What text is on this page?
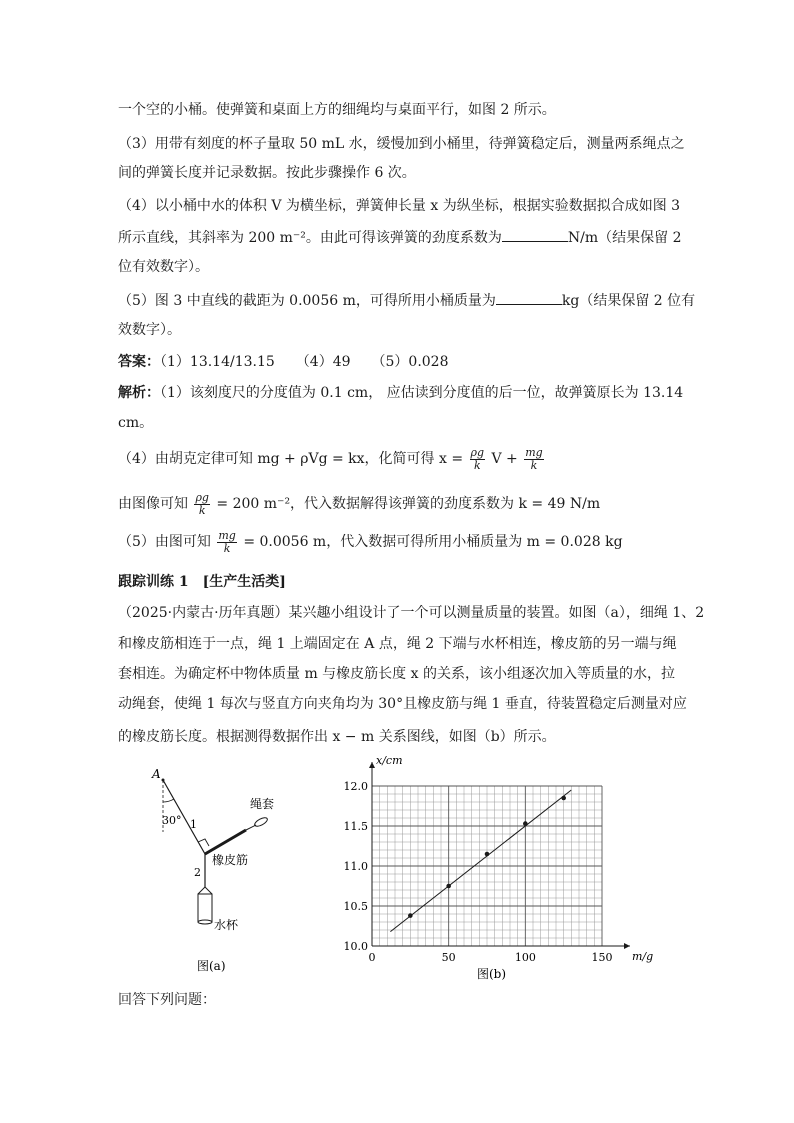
一个空的小桶。使弹簧和桌面上方的细绳均与桌面平行，如图 2 所示。
（3）用带有刻度的杯子量取 50 mL 水，缓慢加到小桶里，待弹簧稳定后，测量两系绳点之
间的弹簧长度并记录数据。按此步骤操作 6 次。
（4）以小桶中水的体积 V 为横坐标，弹簧伸长量 x 为纵坐标，根据实验数据拟合成如图 3
所示直线，其斜率为 200 m⁻²。由此可得该弹簧的劲度系数为	N/m（结果保留 2
位有效数字）。
（5）图 3 中直线的截距为 0.0056 m，可得所用小桶质量为	kg（结果保留 2 位有
效数字）。
答案：（1）13.14/13.15　　（4）49　　（5）0.028
解析：（1）该刻度尺的分度值为 0.1 cm， 应估读到分度值的后一位，故弹簧原长为 13.14
cm。
（4）由胡克定律可知 mg + ρVg = kx，化简可得 $x = \frac{\rho g}{k}$ $V + \frac{mg}{k}$
由图像可知 $\frac{\rho g}{k} = 200$ m⁻²，代入数据解得该弹簧的劲度系数为 k = 49 N/m
（5）由图可知 $\frac{mg}{k} = 0.0056$ m，代入数据可得所用小桶质量为 m = 0.028 kg
跟踪训练 1　[生产生活类]
（2025·内蒙古·历年真题）某兴趣小组设计了一个可以测量质量的装置。如图（a），细绳 1、2
和橡皮筋相连于一点，绳 1 上端固定在 A 点，绳 2 下端与水杯相连，橡皮筋的另一端与绳
套相连。为确定杯中物体质量 m 与橡皮筋长度 x 的关系，该小组逐次加入等质量的水，拉
动绳套，使绳 1 每次与竖直方向夹角均为 30°且橡皮筋与绳 1 垂直，待装置稳定后测量对应
的橡皮筋长度。根据测得数据作出 x − m 关系图线，如图（b）所示。
A
30° 1
绳套
橡皮筋
2
水杯
图(a)
0	50	100	150
10.0
10.5
11.0
11.5
12.0
m/g
x/cm
图(b)
回答下列问题：
